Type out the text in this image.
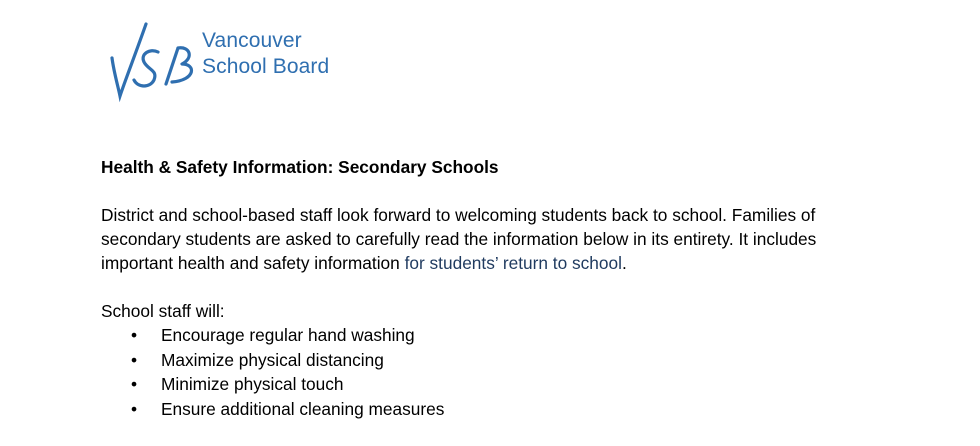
Vancouver
School Board
Health & Safety Information: Secondary Schools
District and school-based staff look forward to welcoming students back to school. Families of
secondary students are asked to carefully read the information below in its entirety. It includes
important health and safety information for students’ return to school.
School staff will:
• Encourage regular hand washing
• Maximize physical distancing
• Minimize physical touch
• Ensure additional cleaning measures
